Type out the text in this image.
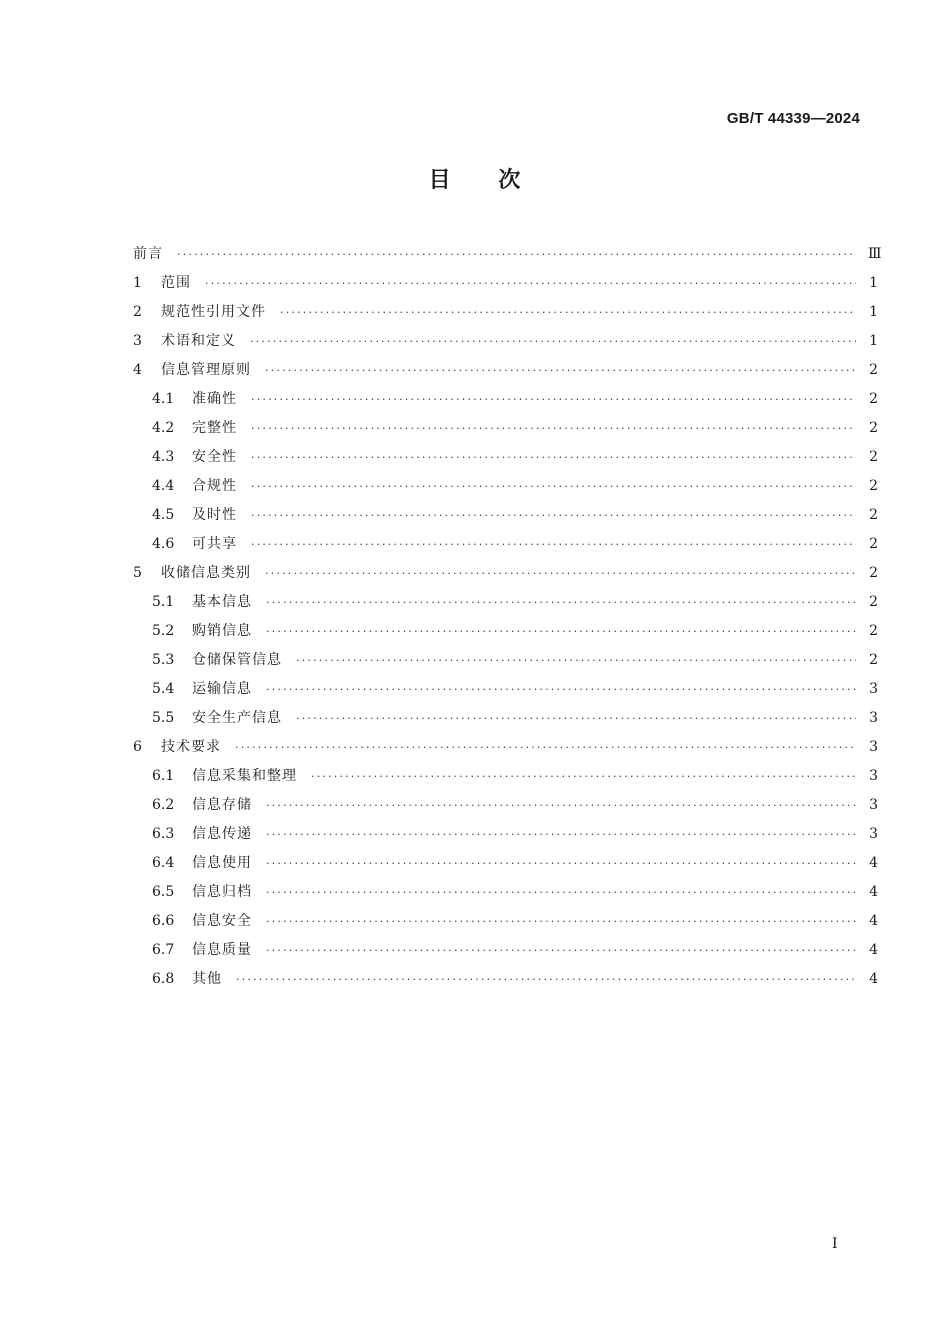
GB/T 44339—2024
目 次
前言 ·····	Ⅲ
1	范围 ·····	1
2	规范性引用文件 ·····	1
3	术语和定义 ·····	1
4	信息管理原则 ·····	2
4.1	准确性 ·····	2
4.2	完整性 ·····	2
4.3	安全性 ·····	2
4.4	合规性 ·····	2
4.5	及时性 ·····	2
4.6	可共享 ·····	2
5	收储信息类别 ·····	2
5.1	基本信息 ·····	2
5.2	购销信息 ·····	2
5.3	仓储保管信息 ·····	2
5.4	运输信息 ·····	3
5.5	安全生产信息 ·····	3
6	技术要求 ·····	3
6.1	信息采集和整理 ·····	3
6.2	信息存储 ·····	3
6.3	信息传递 ·····	3
6.4	信息使用 ·····	4
6.5	信息归档 ·····	4
6.6	信息安全 ·····	4
6.7	信息质量 ·····	4
6.8	其他 ·····	4
Ⅰ
